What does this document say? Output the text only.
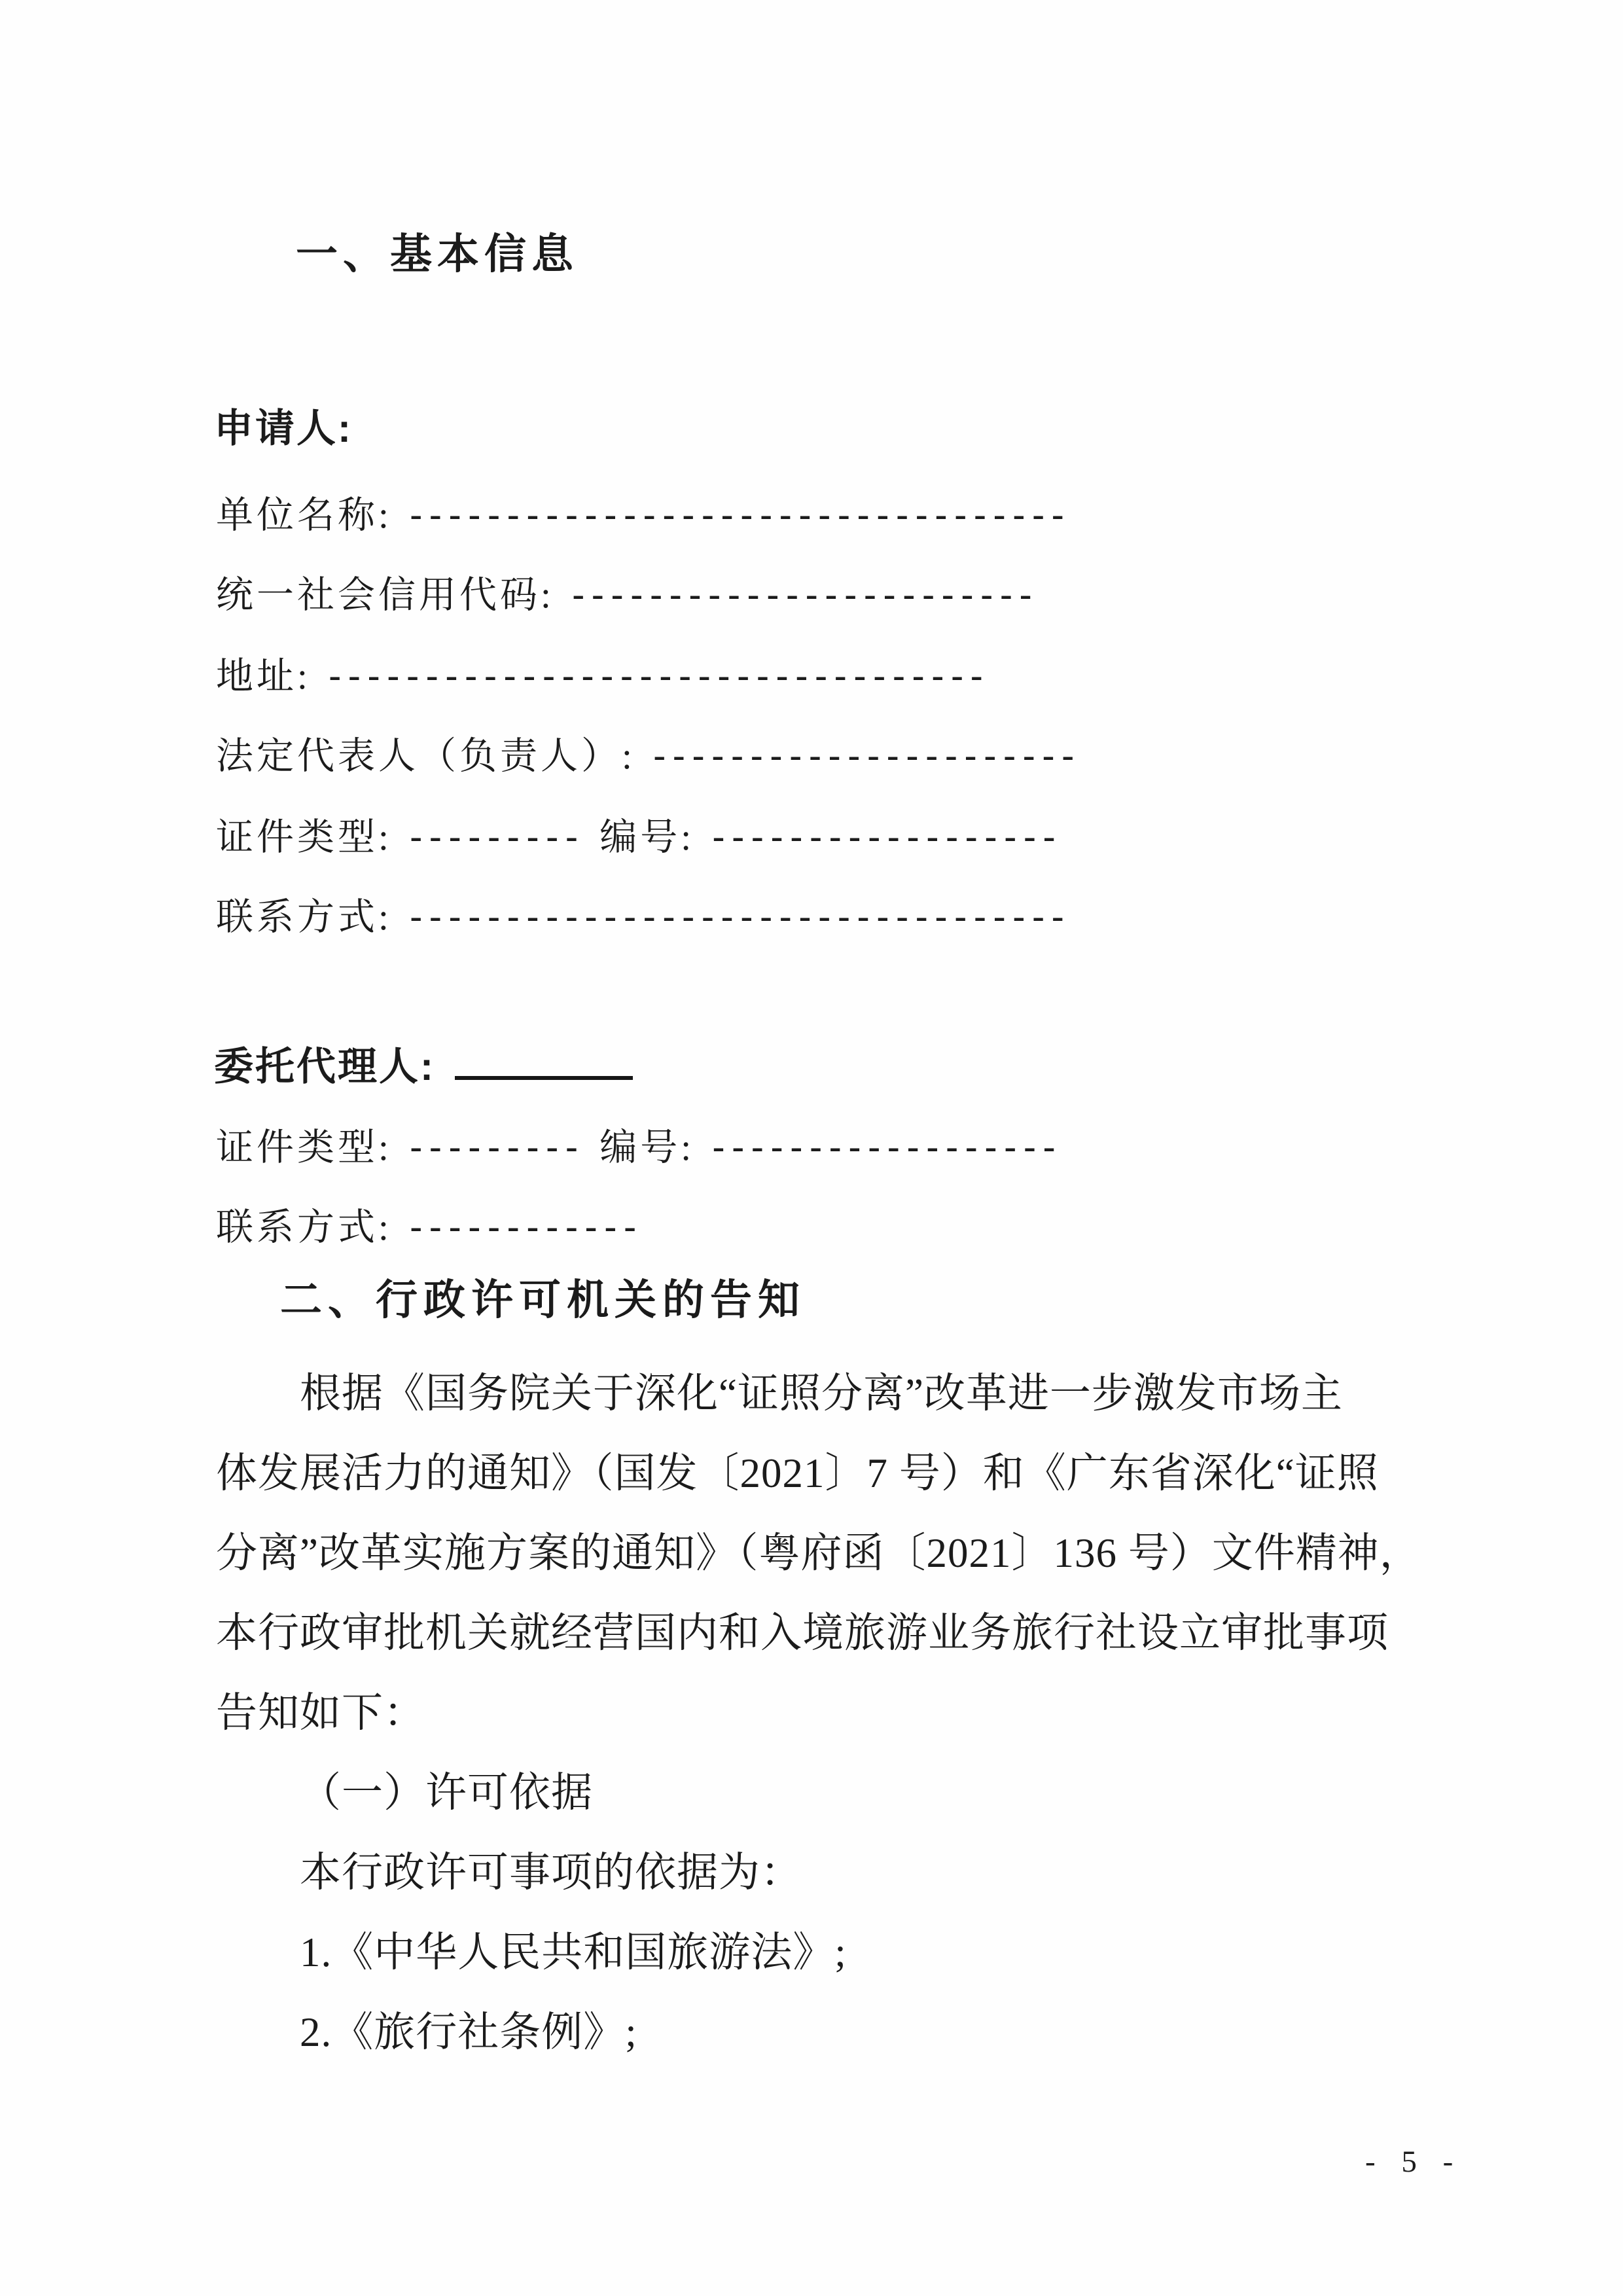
一、基本信息
申请人:
单位名称: ----------------------------------
统一社会信用代码: ------------------------
地址: ----------------------------------
法定代表人（负责人）: ----------------------
证件类型: --------- 编号: ------------------
联系方式: ----------------------------------
委托代理人:
证件类型: --------- 编号: ------------------
联系方式: ------------
二、行政许可机关的告知
根据《国务院关于深化“证照分离”改革进一步激发市场主
体发展活力的通知》（国发〔2021〕7 号）和《广东省深化“证照
分离”改革实施方案的通知》（粤府函〔2021〕136 号）文件精神，
本行政审批机关就经营国内和入境旅游业务旅行社设立审批事项
告知如下：
（一）许可依据
本行政许可事项的依据为：
1.《中华人民共和国旅游法》;
2.《旅行社条例》;
- 5 -
